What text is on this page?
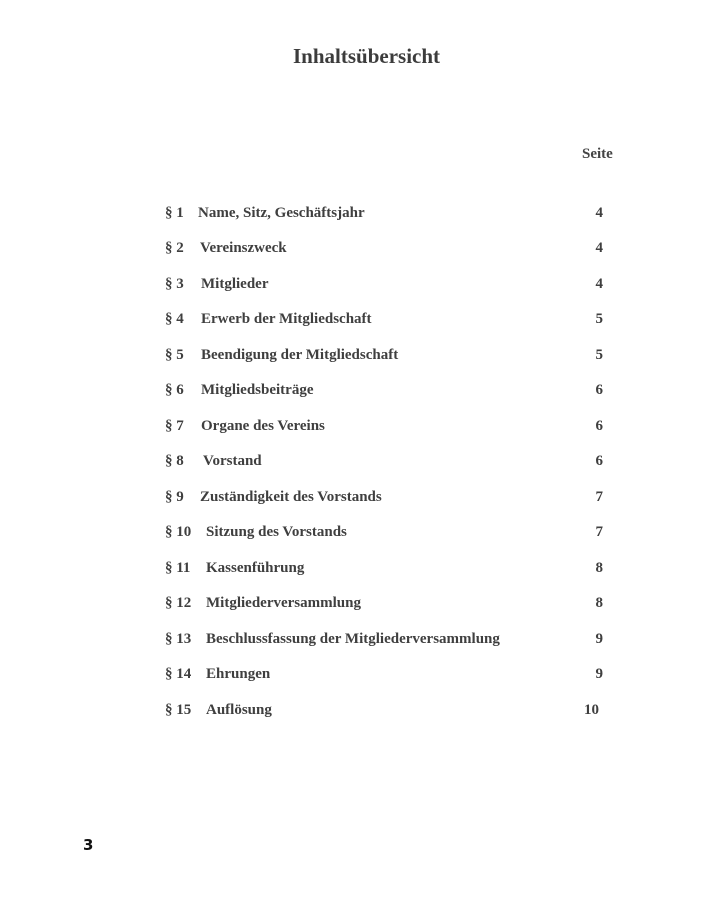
Inhaltsübersicht
Seite
§ 1 Name, Sitz, Geschäftsjahr	4
§ 2 Vereinszweck	4
§ 3 Mitglieder	4
§ 4 Erwerb der Mitgliedschaft	5
§ 5 Beendigung der Mitgliedschaft	5
§ 6 Mitgliedsbeiträge	6
§ 7 Organe des Vereins	6
§ 8 Vorstand	6
§ 9 Zuständigkeit des Vorstands	7
§ 10 Sitzung des Vorstands	7
§ 11 Kassenführung	8
§ 12 Mitgliederversammlung	8
§ 13 Beschlussfassung der Mitgliederversammlung	9
§ 14 Ehrungen	9
§ 15 Auflösung	10
3
